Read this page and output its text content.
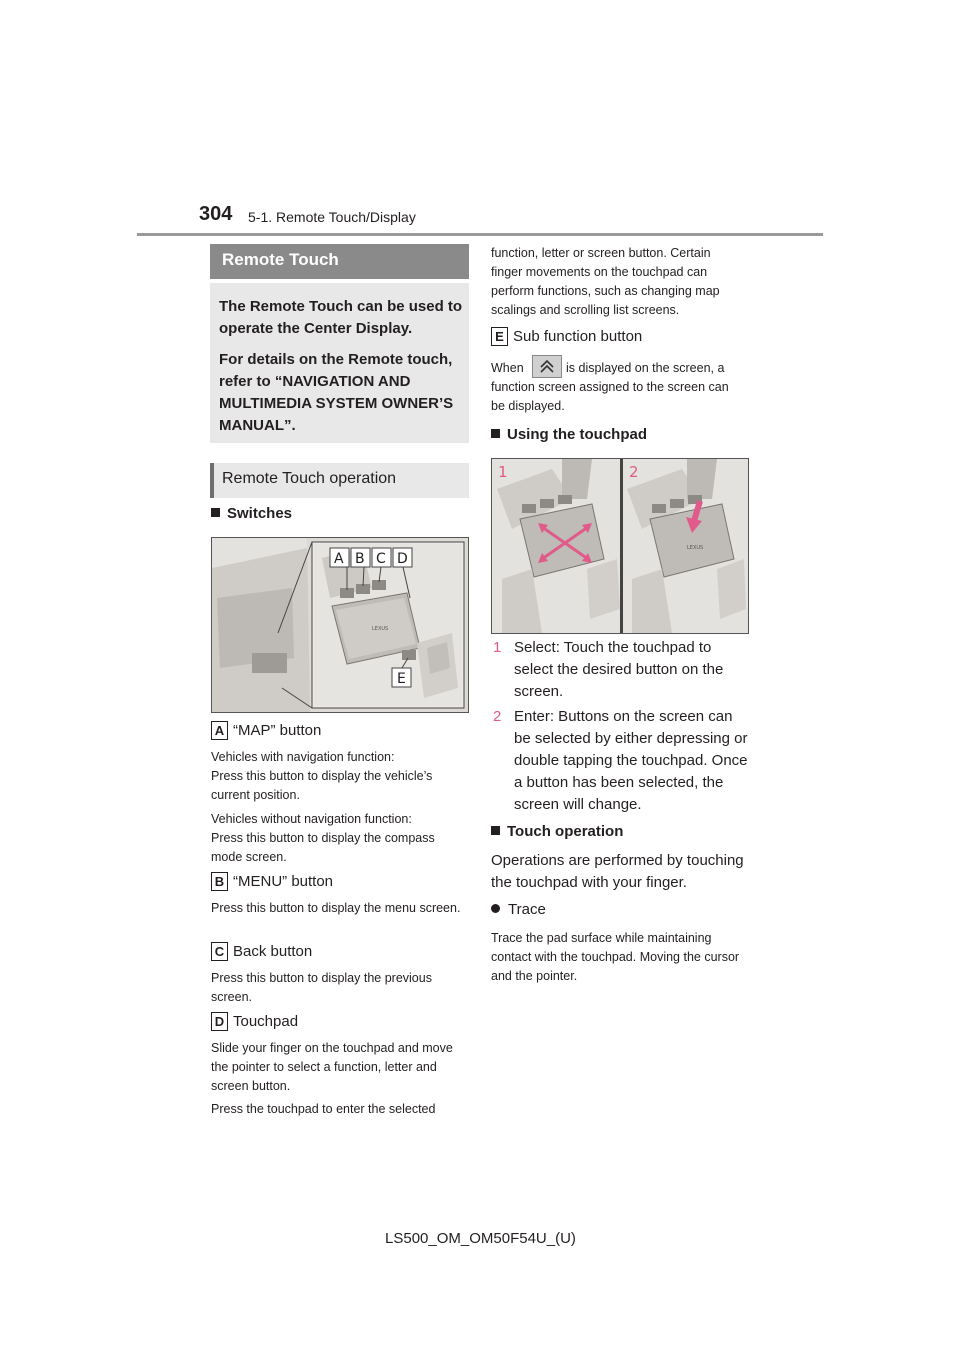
304 5-1. Remote Touch/Display
Remote Touch
The Remote Touch can be used to operate the Center Display.
For details on the Remote touch, refer to “NAVIGATION AND MULTIMEDIA SYSTEM OWNER’S MANUAL”.
Remote Touch operation
Switches
LEXUS
A B C D
E
A “MAP” button
Vehicles with navigation function:
Press this button to display the vehicle’s current position.
Vehicles without navigation function:
Press this button to display the compass mode screen.
B “MENU” button
Press this button to display the menu screen.
C Back button
Press this button to display the previous screen.
D Touchpad
Slide your finger on the touchpad and move the pointer to select a function, letter and screen button.
Press the touchpad to enter the selected
function, letter or screen button. Certain finger movements on the touchpad can perform functions, such as changing map scalings and scrolling list screens.
E Sub function button
When	is displayed on the screen, a function screen assigned to the screen can be displayed.
Using the touchpad
LEXUS
1	2
1 Select: Touch the touchpad to select the desired button on the screen.
2 Enter: Buttons on the screen can be selected by either depressing or double tapping the touchpad. Once a button has been selected, the screen will change.
Touch operation
Operations are performed by touching the touchpad with your finger.
Trace
Trace the pad surface while maintaining contact with the touchpad. Moving the cursor and the pointer.
LS500_OM_OM50F54U_(U)
